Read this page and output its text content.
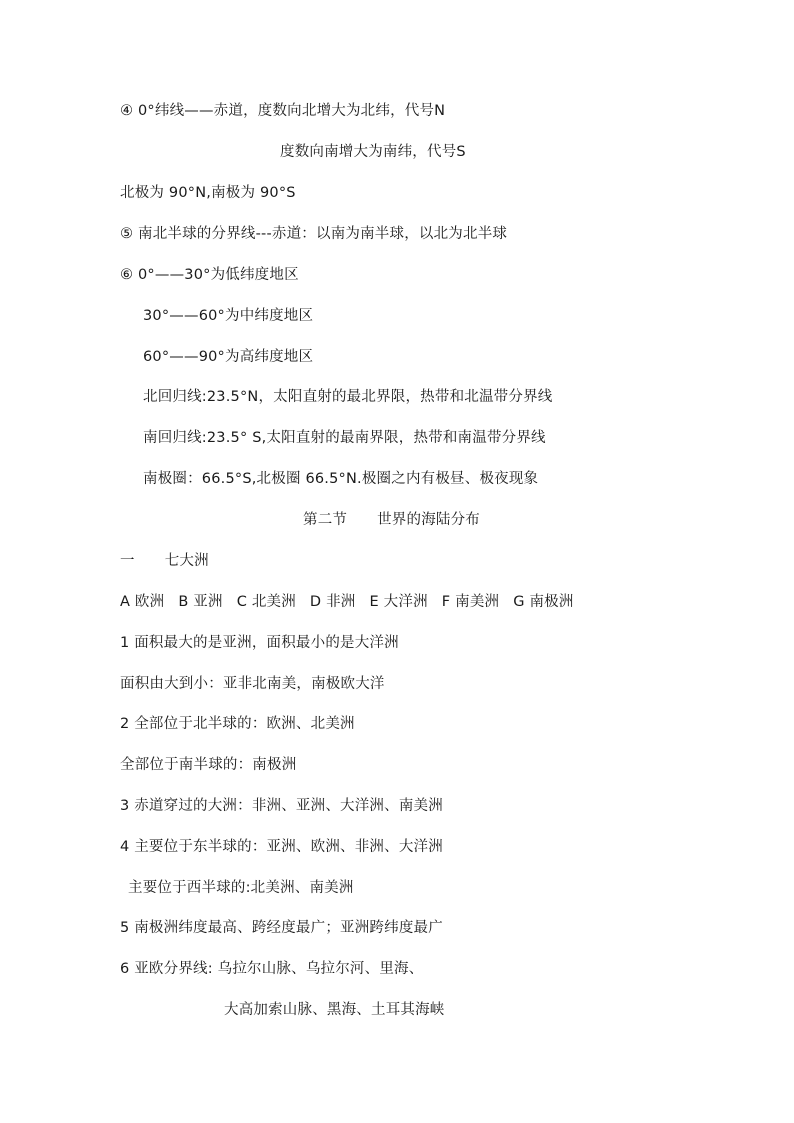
④ 0°纬线——赤道，度数向北增大为北纬，代号N
度数向南增大为南纬，代号S
北极为 90°N,南极为 90°S
⑤ 南北半球的分界线---赤道：以南为南半球，以北为北半球
⑥ 0°——30°为低纬度地区
30°——60°为中纬度地区
60°——90°为高纬度地区
北回归线:23.5°N，太阳直射的最北界限，热带和北温带分界线
南回归线:23.5° S,太阳直射的最南界限，热带和南温带分界线
南极圈：66.5°S,北极圈 66.5°N.极圈之内有极昼、极夜现象
第二节 世界的海陆分布
一 七大洲
A 欧洲 B 亚洲 C 北美洲 D 非洲 E 大洋洲 F 南美洲 G 南极洲
1 面积最大的是亚洲，面积最小的是大洋洲
面积由大到小：亚非北南美，南极欧大洋
2 全部位于北半球的：欧洲、北美洲
全部位于南半球的：南极洲
3 赤道穿过的大洲：非洲、亚洲、大洋洲、南美洲
4 主要位于东半球的：亚洲、欧洲、非洲、大洋洲
主要位于西半球的:北美洲、南美洲
5 南极洲纬度最高、跨经度最广；亚洲跨纬度最广
6 亚欧分界线: 乌拉尔山脉、乌拉尔河、里海、
大高加索山脉、黑海、土耳其海峡
